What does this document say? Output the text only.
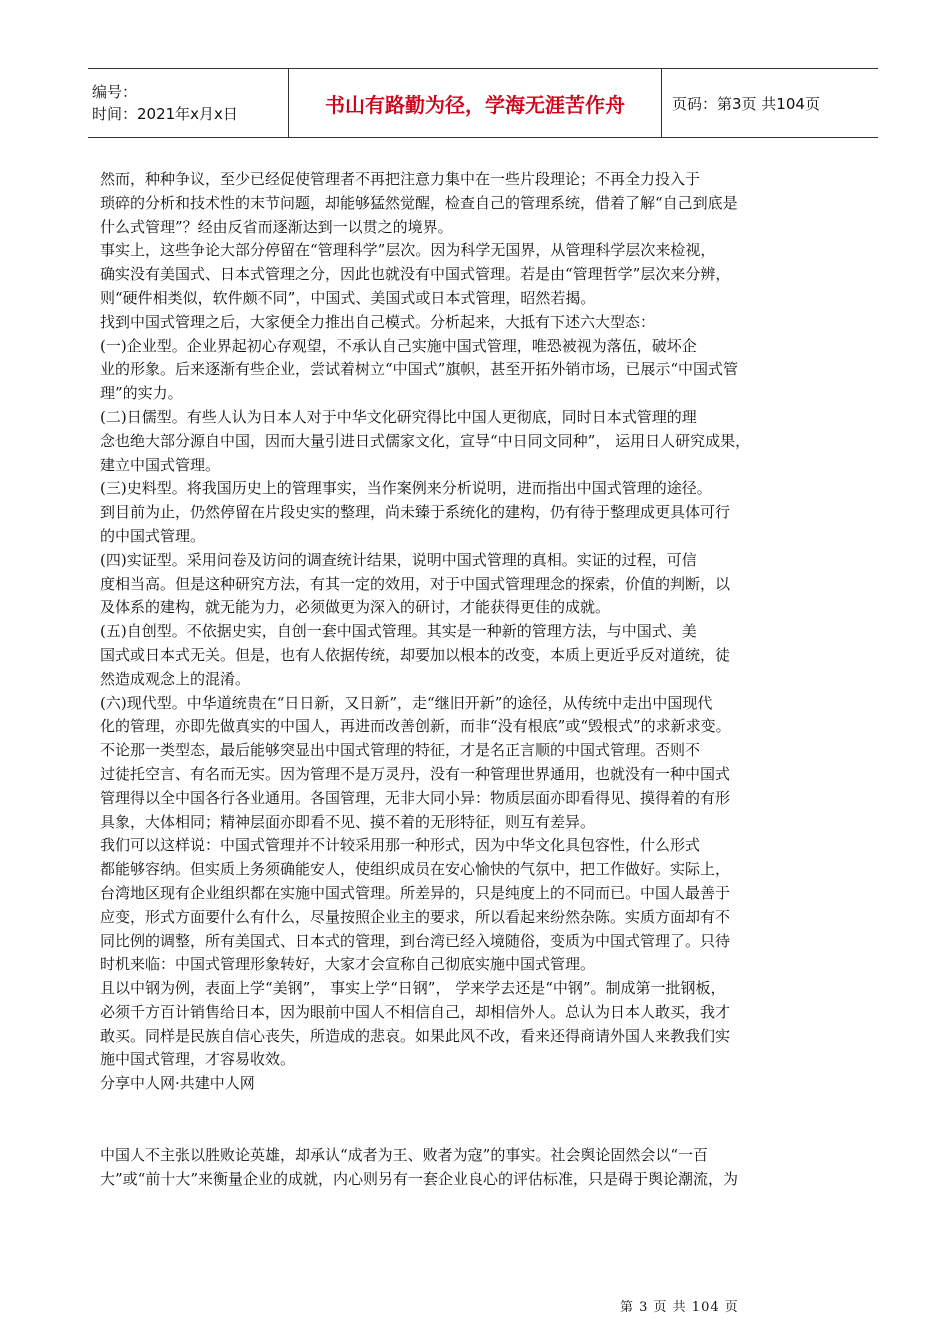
编号：
时间：2021年x月x日	书山有路勤为径，学海无涯苦作舟	页码：第3页 共104页
然而，种种争议，至少已经促使管理者不再把注意力集中在一些片段理论；不再全力投入于
琐碎的分析和技术性的末节问题，却能够猛然觉醒，检查自己的管理系统，借着了解“自己到底是
什么式管理”？经由反省而逐渐达到一以贯之的境界。
事实上，这些争论大部分停留在“管理科学”层次。因为科学无国界，从管理科学层次来检视，
确实没有美国式、日本式管理之分，因此也就没有中国式管理。若是由“管理哲学”层次来分辨，
则“硬件相类似，软件颇不同”，中国式、美国式或日本式管理，昭然若揭。
找到中国式管理之后，大家便全力推出自己模式。分析起来，大抵有下述六大型态：
(一)企业型。企业界起初心存观望，不承认自己实施中国式管理，唯恐被视为落伍，破坏企
业的形象。后来逐渐有些企业，尝试着树立“中国式”旗帜，甚至开拓外销市场，已展示“中国式管
理”的实力。
(二)日儒型。有些人认为日本人对于中华文化研究得比中国人更彻底，同时日本式管理的理
念也绝大部分源自中国，因而大量引进日式儒家文化，宣导“中日同文同种”， 运用日人研究成果，
建立中国式管理。
(三)史料型。将我国历史上的管理事实，当作案例来分析说明，进而指出中国式管理的途径。
到目前为止，仍然停留在片段史实的整理，尚未臻于系统化的建构，仍有待于整理成更具体可行
的中国式管理。
(四)实证型。采用问卷及访问的调查统计结果，说明中国式管理的真相。实证的过程，可信
度相当高。但是这种研究方法，有其一定的效用，对于中国式管理理念的探索，价值的判断，以
及体系的建构，就无能为力，必须做更为深入的研讨，才能获得更佳的成就。
(五)自创型。不依据史实，自创一套中国式管理。其实是一种新的管理方法，与中国式、美
国式或日本式无关。但是，也有人依据传统，却要加以根本的改变，本质上更近乎反对道统，徒
然造成观念上的混淆。
(六)现代型。中华道统贵在“日日新，又日新”，走“继旧开新”的途径，从传统中走出中国现代
化的管理，亦即先做真实的中国人，再进而改善创新，而非“没有根底”或“毁根式”的求新求变。
不论那一类型态，最后能够突显出中国式管理的特征，才是名正言顺的中国式管理。否则不
过徒托空言、有名而无实。因为管理不是万灵丹，没有一种管理世界通用，也就没有一种中国式
管理得以全中国各行各业通用。各国管理，无非大同小异：物质层面亦即看得见、摸得着的有形
具象，大体相同；精神层面亦即看不见、摸不着的无形特征，则互有差异。
我们可以这样说：中国式管理并不计较采用那一种形式，因为中华文化具包容性，什么形式
都能够容纳。但实质上务须确能安人，使组织成员在安心愉快的气氛中，把工作做好。实际上，
台湾地区现有企业组织都在实施中国式管理。所差异的，只是纯度上的不同而已。中国人最善于
应变，形式方面要什么有什么，尽量按照企业主的要求，所以看起来纷然杂陈。实质方面却有不
同比例的调整，所有美国式、日本式的管理，到台湾已经入境随俗，变质为中国式管理了。只待
时机来临：中国式管理形象转好，大家才会宣称自己彻底实施中国式管理。
且以中钢为例，表面上学“美钢”， 事实上学“日钢”， 学来学去还是“中钢”。制成第一批钢板，
必须千方百计销售给日本，因为眼前中国人不相信自己，却相信外人。总认为日本人敢买，我才
敢买。同样是民族自信心丧失，所造成的悲哀。如果此风不改，看来还得商请外国人来教我们实
施中国式管理，才容易收效。
分享中人网·共建中人网
中国人不主张以胜败论英雄，却承认“成者为王、败者为寇”的事实。社会舆论固然会以“一百
大”或“前十大”来衡量企业的成就，内心则另有一套企业良心的评估标准，只是碍于舆论潮流，为
第 3 页 共 104 页
